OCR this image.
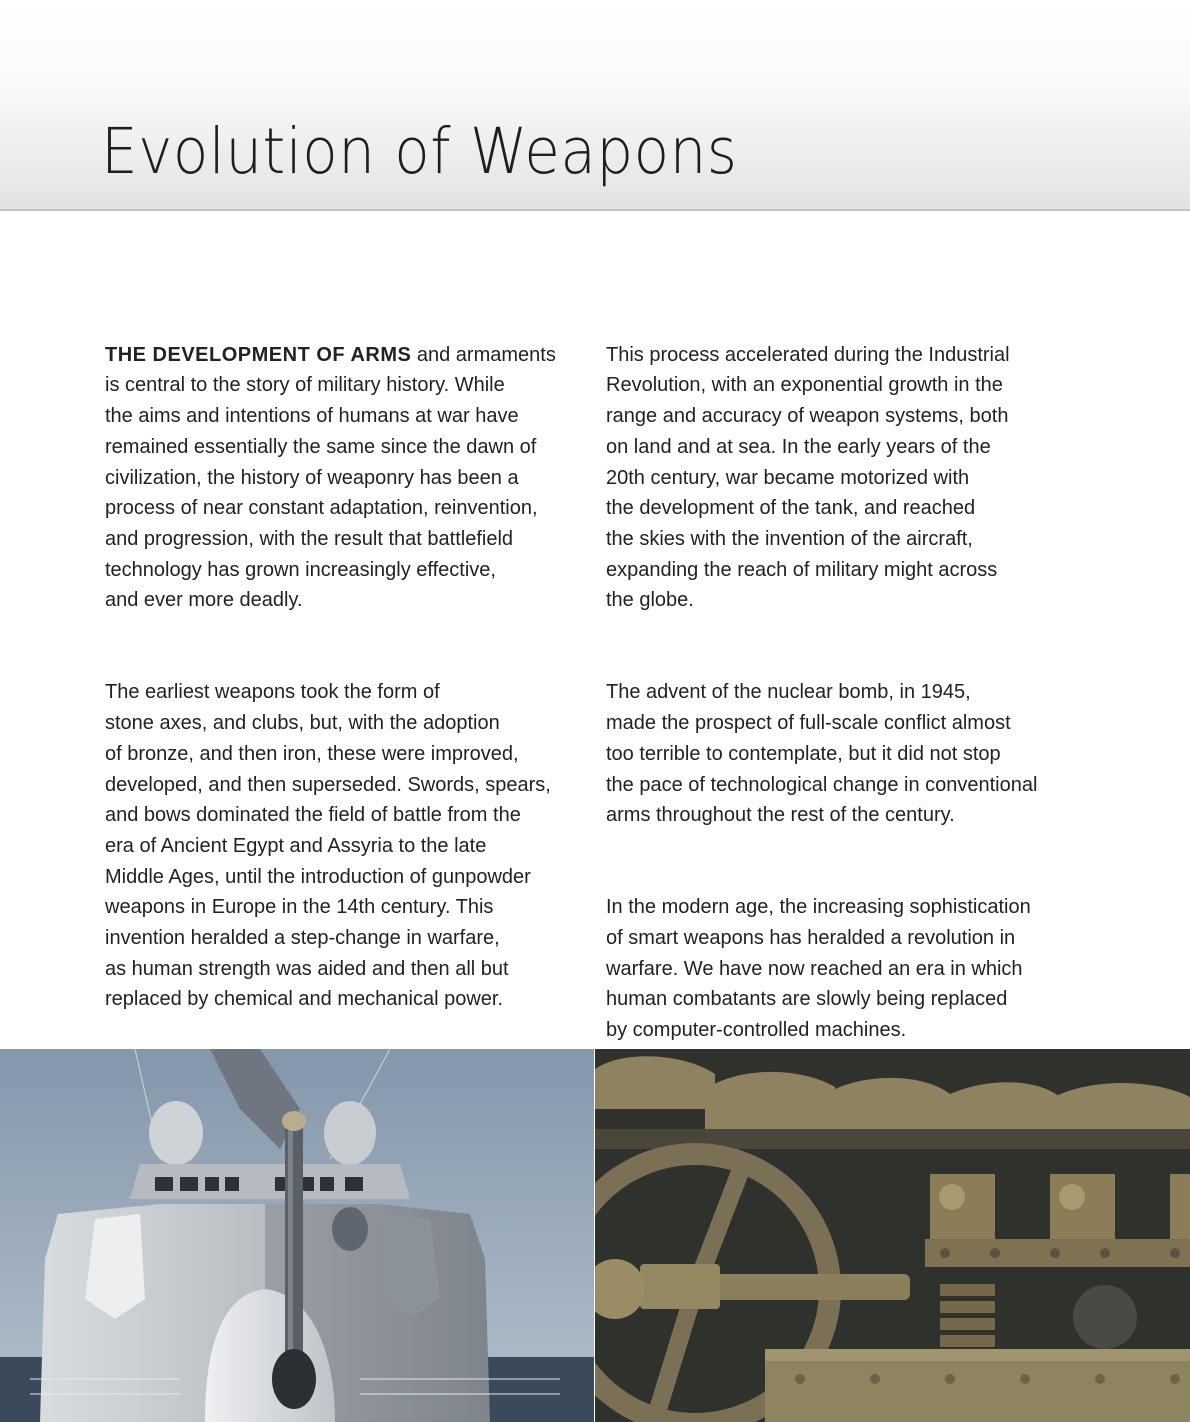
Evolution of Weapons

THE DEVELOPMENT OF ARMS and armaments
is central to the story of military history. While
the aims and intentions of humans at war have
remained essentially the same since the dawn of
civilization, the history of weaponry has been a
process of near constant adaptation, reinvention,
and progression, with the result that battlefield
technology has grown increasingly effective,
and ever more deadly.

The earliest weapons took the form of
stone axes, and clubs, but, with the adoption
of bronze, and then iron, these were improved,
developed, and then superseded. Swords, spears,
and bows dominated the field of battle from the
era of Ancient Egypt and Assyria to the late
Middle Ages, until the introduction of gunpowder
weapons in Europe in the 14th century. This
invention heralded a step-change in warfare,
as human strength was aided and then all but
replaced by chemical and mechanical power.

This process accelerated during the Industrial
Revolution, with an exponential growth in the
range and accuracy of weapon systems, both
on land and at sea. In the early years of the
20th century, war became motorized with
the development of the tank, and reached
the skies with the invention of the aircraft,
expanding the reach of military might across
the globe.

The advent of the nuclear bomb, in 1945,
made the prospect of full-scale conflict almost
too terrible to contemplate, but it did not stop
the pace of technological change in conventional
arms throughout the rest of the century.

In the modern age, the increasing sophistication
of smart weapons has heralded a revolution in
warfare. We have now reached an era in which
human combatants are slowly being replaced
by computer-controlled machines.
